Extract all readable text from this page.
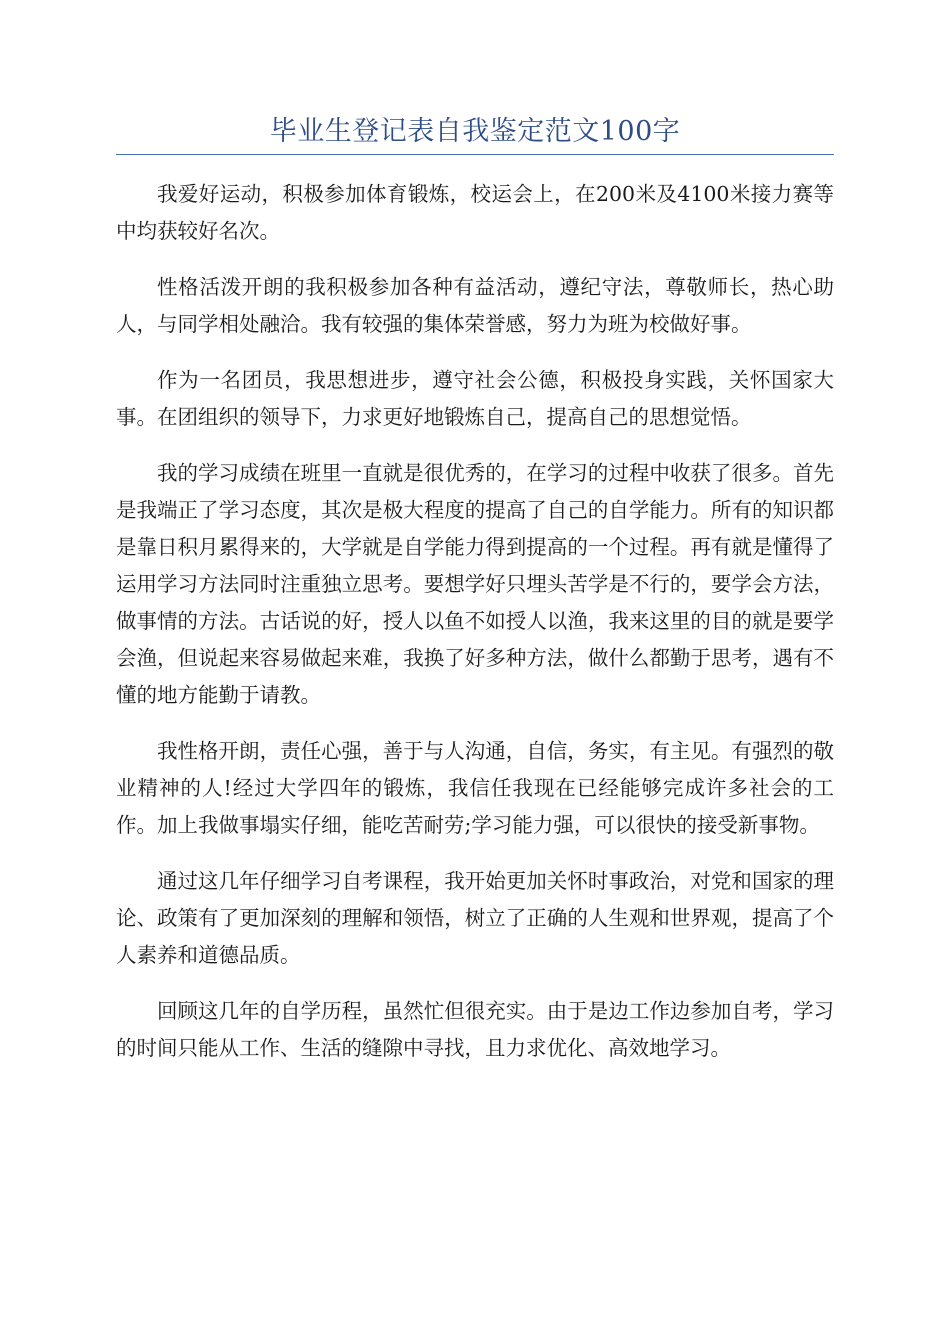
毕业生登记表自我鉴定范文100字

我爱好运动，积极参加体育锻炼，校运会上，在200米及4100米接力赛等中均获较好名次。

性格活泼开朗的我积极参加各种有益活动，遵纪守法，尊敬师长，热心助人，与同学相处融洽。我有较强的集体荣誉感，努力为班为校做好事。

作为一名团员，我思想进步，遵守社会公德，积极投身实践，关怀国家大事。在团组织的领导下，力求更好地锻炼自己，提高自己的思想觉悟。

我的学习成绩在班里一直就是很优秀的，在学习的过程中收获了很多。首先是我端正了学习态度，其次是极大程度的提高了自己的自学能力。所有的知识都是靠日积月累得来的，大学就是自学能力得到提高的一个过程。再有就是懂得了运用学习方法同时注重独立思考。要想学好只埋头苦学是不行的，要学会方法，做事情的方法。古话说的好，授人以鱼不如授人以渔，我来这里的目的就是要学会渔，但说起来容易做起来难，我换了好多种方法，做什么都勤于思考，遇有不懂的地方能勤于请教。

我性格开朗，责任心强，善于与人沟通，自信，务实，有主见。有强烈的敬业精神的人!经过大学四年的锻炼，我信任我现在已经能够完成许多社会的工作。加上我做事塌实仔细，能吃苦耐劳;学习能力强，可以很快的接受新事物。

通过这几年仔细学习自考课程，我开始更加关怀时事政治，对党和国家的理论、政策有了更加深刻的理解和领悟，树立了正确的人生观和世界观，提高了个人素养和道德品质。

回顾这几年的自学历程，虽然忙但很充实。由于是边工作边参加自考，学习的时间只能从工作、生活的缝隙中寻找，且力求优化、高效地学习。
